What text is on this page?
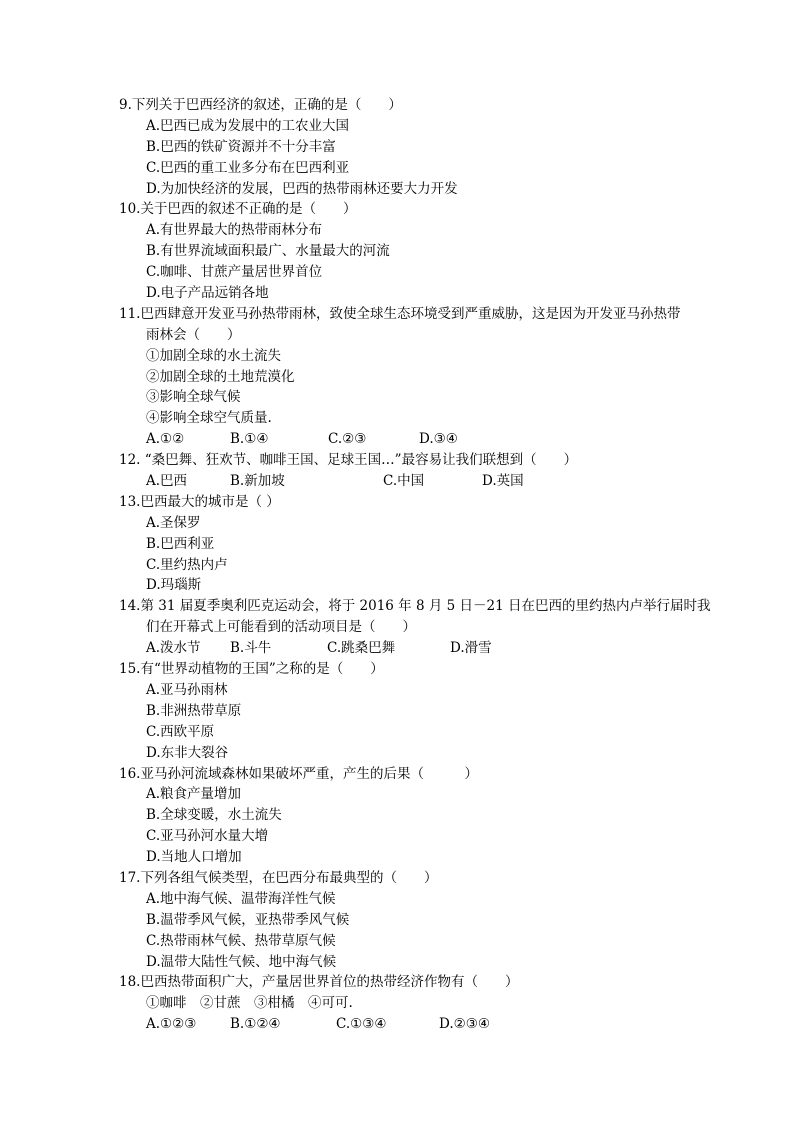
9.下列关于巴西经济的叙述，正确的是（　　）
A.巴西已成为发展中的工农业大国
B.巴西的铁矿资源并不十分丰富
C.巴西的重工业多分布在巴西利亚
D.为加快经济的发展，巴西的热带雨林还要大力开发
10.关于巴西的叙述不正确的是（　　）
A.有世界最大的热带雨林分布
B.有世界流域面积最广、水量最大的河流
C.咖啡、甘蔗产量居世界首位
D.电子产品远销各地
11.巴西肆意开发亚马孙热带雨林，致使全球生态环境受到严重威胁，这是因为开发亚马孙热带
雨林会（　　）
①加剧全球的水土流失
②加剧全球的土地荒漠化
③影响全球气候
④影响全球空气质量.
A.①②	B.①④	C.②③	D.③④
12. “桑巴舞、狂欢节、咖啡王国、足球王国…”最容易让我们联想到（　　）
A.巴西	B.新加坡	C.中国	D.英国
13.巴西最大的城市是（ ）
A.圣保罗
B.巴西利亚
C.里约热内卢
D.玛瑙斯
14.第 31 届夏季奥利匹克运动会，将于 2016 年 8 月 5 日－21 日在巴西的里约热内卢举行届时我
们在开幕式上可能看到的活动项目是（　　）
A.泼水节	B.斗牛	C.跳桑巴舞	D.滑雪
15.有“世界动植物的王国”之称的是（　　）
A.亚马孙雨林
B.非洲热带草原
C.西欧平原
D.东非大裂谷
16.亚马孙河流域森林如果破坏严重，产生的后果（　　　）
A.粮食产量增加
B.全球变暖，水土流失
C.亚马孙河水量大增
D.当地人口增加
17.下列各组气候类型，在巴西分布最典型的（　　）
A.地中海气候、温带海洋性气候
B.温带季风气候，亚热带季风气候
C.热带雨林气候、热带草原气候
D.温带大陆性气候、地中海气候
18.巴西热带面积广大，产量居世界首位的热带经济作物有（　　）
①咖啡	②甘蔗	③柑橘	④可可.
A.①②③	B.①②④	C.①③④	D.②③④
